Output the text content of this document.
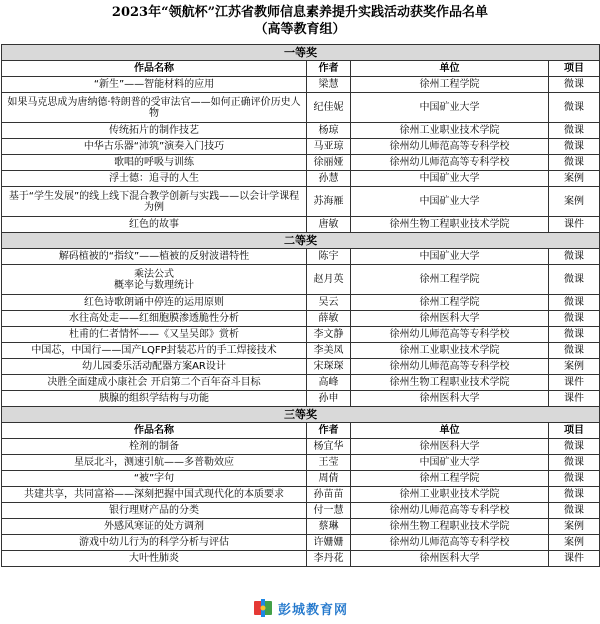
2023年“领航杯”江苏省教师信息素养提升实践活动获奖作品名单
（高等教育组）
一等奖			
作品名称	作者	单位	项目
“新生”——智能材料的应用	梁慧	徐州工程学院	微课
如果马克思成为唐纳德·特朗普的受审法官——如何正确评价历史人物	纪佳妮	中国矿业大学	微课
传统拓片的制作技艺	杨琼	徐州工业职业技术学院	微课
中华古乐器“沛筑”演奏入门技巧	马亚琼	徐州幼儿师范高等专科学校	微课
歌唱的呼吸与训练	徐丽娅	徐州幼儿师范高等专科学校	微课
浮士德：追寻的人生	孙慧	中国矿业大学	案例
基于“学生发展”的线上线下混合教学创新与实践——以会计学课程为例	苏海雁	中国矿业大学	案例
红色的故事	唐敏	徐州生物工程职业技术学院	课件
二等奖			
解码植被的“指纹”——植被的反射波谱特性	陈宇	中国矿业大学	微课
乘法公式
概率论与数理统计	赵月英	徐州工程学院	微课
红色诗歌朗诵中停连的运用原则	吴云	徐州工程学院	微课
水往高处走——红细胞膜渗透脆性分析	薛敏	徐州医科大学	微课
杜甫的仁者情怀——《又呈吴郎》赏析	李文静	徐州幼儿师范高等专科学校	微课
中国芯，中国行——国产LQFP封装芯片的手工焊接技术	李美凤	徐州工业职业技术学院	微课
幼儿园委乐活动配器方案AR设计	宋琛琛	徐州幼儿师范高等专科学校	案例
决胜全面建成小康社会 开启第二个百年奋斗目标	高峰	徐州生物工程职业技术学院	课件
胰腺的组织学结构与功能	孙申	徐州医科大学	课件
三等奖			
作品名称	作者	单位	项目
栓剂的制备	杨宜华	徐州医科大学	微课
星辰北斗，测速引航——多普勒效应	王莹	中国矿业大学	微课
“被”字句	周倩	徐州工程学院	微课
共建共享，共同富裕——深刻把握中国式现代化的本质要求	孙苗苗	徐州工业职业技术学院	微课
银行理财产品的分类	付一慧	徐州幼儿师范高等专科学校	微课
外感风寒证的处方调剂	蔡琳	徐州生物工程职业技术学院	案例
游戏中幼儿行为的科学分析与评估	许姗姗	徐州幼儿师范高等专科学校	案例
大叶性肺炎	李丹花	徐州医科大学	课件
彭城教育网
